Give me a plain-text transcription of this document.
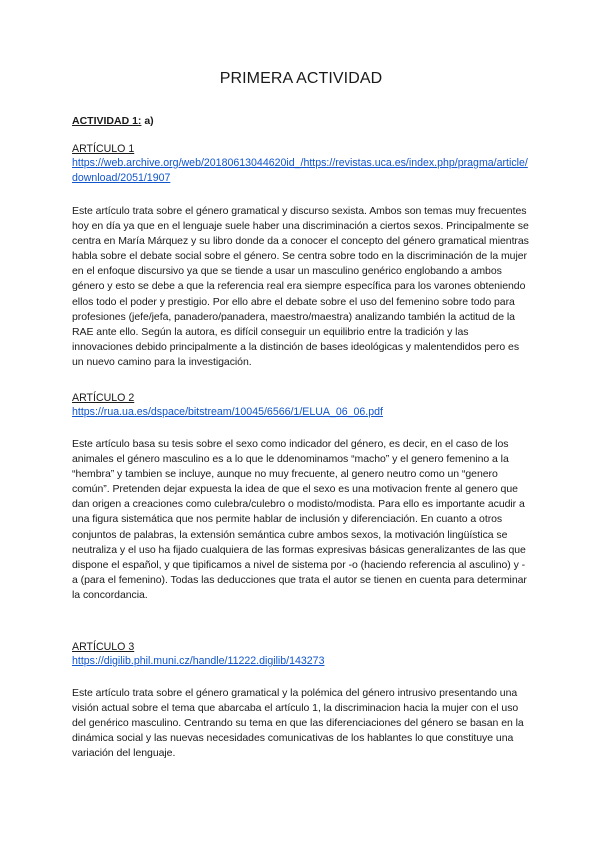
PRIMERA ACTIVIDAD

ACTIVIDAD 1: a)

ARTÍCULO 1

https://web.archive.org/web/20180613044620id_/https://revistas.uca.es/index.php/pragma/article/download/2051/1907

Este artículo trata sobre el género gramatical y discurso sexista. Ambos son temas muy frecuentes hoy en día ya que en el lenguaje suele haber una discriminación a ciertos sexos. Principalmente se centra en María Márquez y su libro donde da a conocer el concepto del género gramatical mientras habla sobre el debate social sobre el género. Se centra sobre todo en la discriminación de la mujer en el enfoque discursivo ya que se tiende a usar un masculino genérico englobando a ambos género y esto se debe a que la referencia real era siempre específica para los varones obteniendo ellos todo el poder y prestigio. Por ello abre el debate sobre el uso del femenino sobre todo para profesiones (jefe/jefa, panadero/panadera, maestro/maestra) analizando también la actitud de la RAE ante ello. Según la autora, es difícil conseguir un equilibrio entre la tradición y las innovaciones debido principalmente a la distinción de bases ideológicas y malentendidos pero es un nuevo camino para la investigación.

ARTÍCULO 2

https://rua.ua.es/dspace/bitstream/10045/6566/1/ELUA_06_06.pdf

Este artículo basa su tesis sobre el sexo como indicador del género, es decir, en el caso de los animales el género masculino es a lo que le ddenominamos “macho” y el genero femenino a la “hembra” y tambien se incluye, aunque no muy frecuente, al genero neutro como un “genero común”. Pretenden dejar expuesta la idea de que el sexo es una motivacion frente al genero que dan origen a creaciones como culebra/culebro o modisto/modista. Para ello es importante acudir a una figura sistemática que nos permite hablar de inclusión y diferenciación. En cuanto a otros conjuntos de palabras, la extensión semántica cubre ambos sexos, la motivación lingüística se neutraliza y el uso ha fijado cualquiera de las formas expresivas básicas generalizantes de las que dispone el español, y que tipificamos a nivel de sistema por -o (haciendo referencia al asculino) y -a (para el femenino). Todas las deducciones que trata el autor se tienen en cuenta para determinar la concordancia.

ARTÍCULO 3

https://digilib.phil.muni.cz/handle/11222.digilib/143273

Este artículo trata sobre el género gramatical y la polémica del género intrusivo presentando una visión actual sobre el tema que abarcaba el artículo 1, la discriminacion hacia la mujer con el uso del genérico masculino. Centrando su tema en que las diferenciaciones del género se basan en la dinámica social y las nuevas necesidades comunicativas de los hablantes lo que constituye una variación del lenguaje.
